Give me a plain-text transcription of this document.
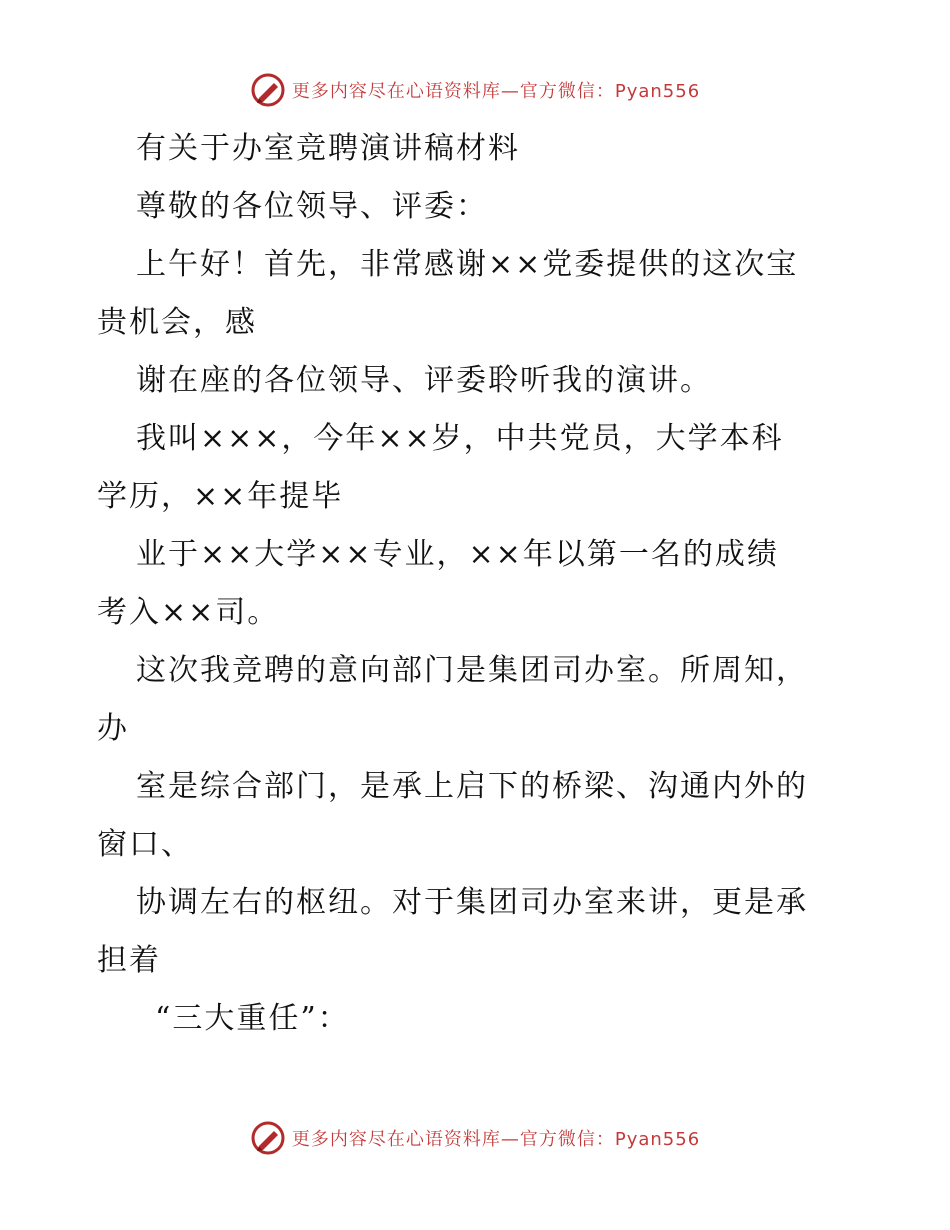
更多内容尽在心语资料库—官方微信：Pyan556
有关于办室竞聘演讲稿材料
尊敬的各位领导、评委：
上午好！首先，非常感谢××党委提供的这次宝
贵机会，感
谢在座的各位领导、评委聆听我的演讲。
我叫×××，今年××岁，中共党员，大学本科
学历，××年提毕
业于××大学××专业，××年以第一名的成绩
考入××司。
这次我竞聘的意向部门是集团司办室。所周知，
办
室是综合部门，是承上启下的桥梁、沟通内外的
窗口、
协调左右的枢纽。对于集团司办室来讲，更是承
担着
“三大重任”：
更多内容尽在心语资料库—官方微信：Pyan556
